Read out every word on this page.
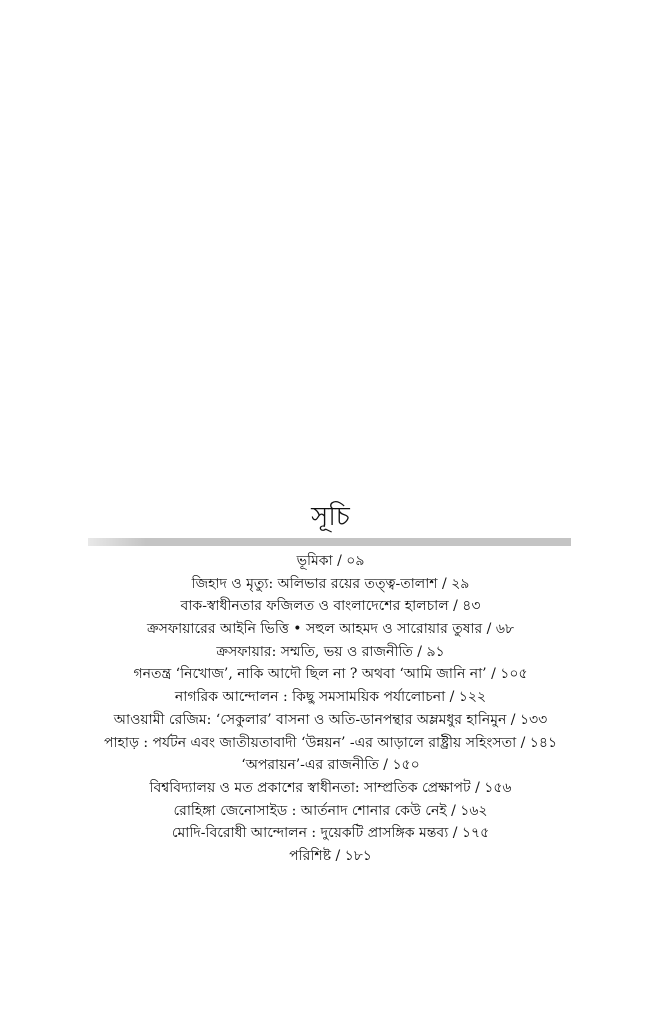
সূচি
ভূমিকা / ০৯
জিহাদ ও মৃত্যু: অলিভার রয়ের তত্ত্ব-তালাশ / ২৯
বাক-স্বাধীনতার ফজিলত ও বাংলাদেশের হালচাল / ৪৩
ক্রসফায়ারের আইনি ভিত্তি • সহুল আহমদ ও সারোয়ার তুষার / ৬৮
ক্রসফায়ার: সম্মতি, ভয় ও রাজনীতি / ৯১
গনতন্ত্র ‘নিখোজ’, নাকি আদৌ ছিল না ? অথবা ‘আমি জানি না’ / ১০৫
নাগরিক আন্দোলন : কিছু সমসাময়িক পর্যালোচনা / ১২২
আওয়ামী রেজিম: ‘সেকুলার’ বাসনা ও অতি-ডানপন্থার অম্লমধুর হানিমুন / ১৩৩
পাহাড় : পর্যটন এবং জাতীয়তাবাদী ‘উন্নয়ন’ -এর আড়ালে রাষ্ট্রীয় সহিংসতা / ১৪১
‘অপরায়ন’-এর রাজনীতি / ১৫০
বিশ্ববিদ্যালয় ও মত প্রকাশের স্বাধীনতা: সাম্প্রতিক প্রেক্ষাপট / ১৫৬
রোহিঙ্গা জেনোসাইড : আর্তনাদ শোনার কেউ নেই / ১৬২
মোদি-বিরোধী আন্দোলন : দুয়েকটি প্রাসঙ্গিক মন্তব্য / ১৭৫
পরিশিষ্ট / ১৮১
